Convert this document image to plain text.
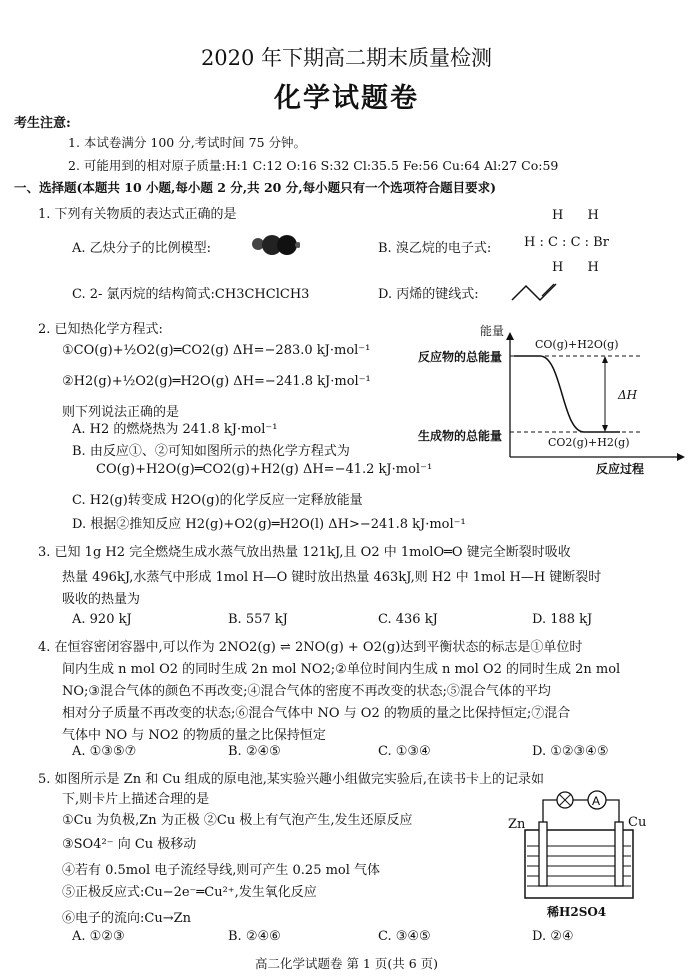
2020 年下期高二期末质量检测
化学试题卷
考生注意:
1. 本试卷满分 100 分,考试时间 75 分钟。
2. 可能用到的相对原子质量:H:1 C:12 O:16 S:32 Cl:35.5 Fe:56 Cu:64 Al:27 Co:59
一、选择题(本题共 10 小题,每小题 2 分,共 20 分,每小题只有一个选项符合题目要求)
1. 下列有关物质的表达式正确的是
A. 乙炔分子的比例模型:	B. 溴乙烷的电子式:
H H
H : C : C : Br
H H
C. 2- 氯丙烷的结构简式:CH3CHClCH3	D. 丙烯的键线式:
2. 已知热化学方程式:
①CO(g)+½O2(g)═CO2(g) ΔH=−283.0 kJ·mol⁻¹
②H2(g)+½O2(g)═H2O(g) ΔH=−241.8 kJ·mol⁻¹
则下列说法正确的是
A. H2 的燃烧热为 241.8 kJ·mol⁻¹
B. 由反应①、②可知如图所示的热化学方程式为
CO(g)+H2O(g)═CO2(g)+H2(g) ΔH=−41.2 kJ·mol⁻¹
C. H2(g)转变成 H2O(g)的化学反应一定释放能量
D. 根据②推知反应 H2(g)+O2(g)═H2O(l) ΔH>−241.8 kJ·mol⁻¹
能量
CO(g)+H2O(g)
反应物的总能量
生成物的总能量	CO2(g)+H2(g)
ΔH
反应过程
3. 已知 1g H2 完全燃烧生成水蒸气放出热量 121kJ,且 O2 中 1molO═O 键完全断裂时吸收
热量 496kJ,水蒸气中形成 1mol H—O 键时放出热量 463kJ,则 H2 中 1mol H—H 键断裂时
吸收的热量为
A. 920 kJ	B. 557 kJ	C. 436 kJ	D. 188 kJ
4. 在恒容密闭容器中,可以作为 2NO2(g) ⇌ 2NO(g) + O2(g)达到平衡状态的标志是①单位时
间内生成 n mol O2 的同时生成 2n mol NO2;②单位时间内生成 n mol O2 的同时生成 2n mol
NO;③混合气体的颜色不再改变;④混合气体的密度不再改变的状态;⑤混合气体的平均
相对分子质量不再改变的状态;⑥混合气体中 NO 与 O2 的物质的量之比保持恒定;⑦混合
气体中 NO 与 NO2 的物质的量之比保持恒定
A. ①③⑤⑦	B. ②④⑤	C. ①③④	D. ①②③④⑤
5. 如图所示是 Zn 和 Cu 组成的原电池,某实验兴趣小组做完实验后,在读书卡上的记录如
下,则卡片上描述合理的是
①Cu 为负极,Zn 为正极 ②Cu 极上有气泡产生,发生还原反应
③SO4²⁻ 向 Cu 极移动
④若有 0.5mol 电子流经导线,则可产生 0.25 mol 气体
⑤正极反应式:Cu−2e⁻═Cu²⁺,发生氧化反应
⑥电子的流向:Cu→Zn
A. ①②③	B. ②④⑥	C. ③④⑤	D. ②④
Zn	Cu
稀H2SO4
A
高二化学试题卷 第 1 页(共 6 页)
